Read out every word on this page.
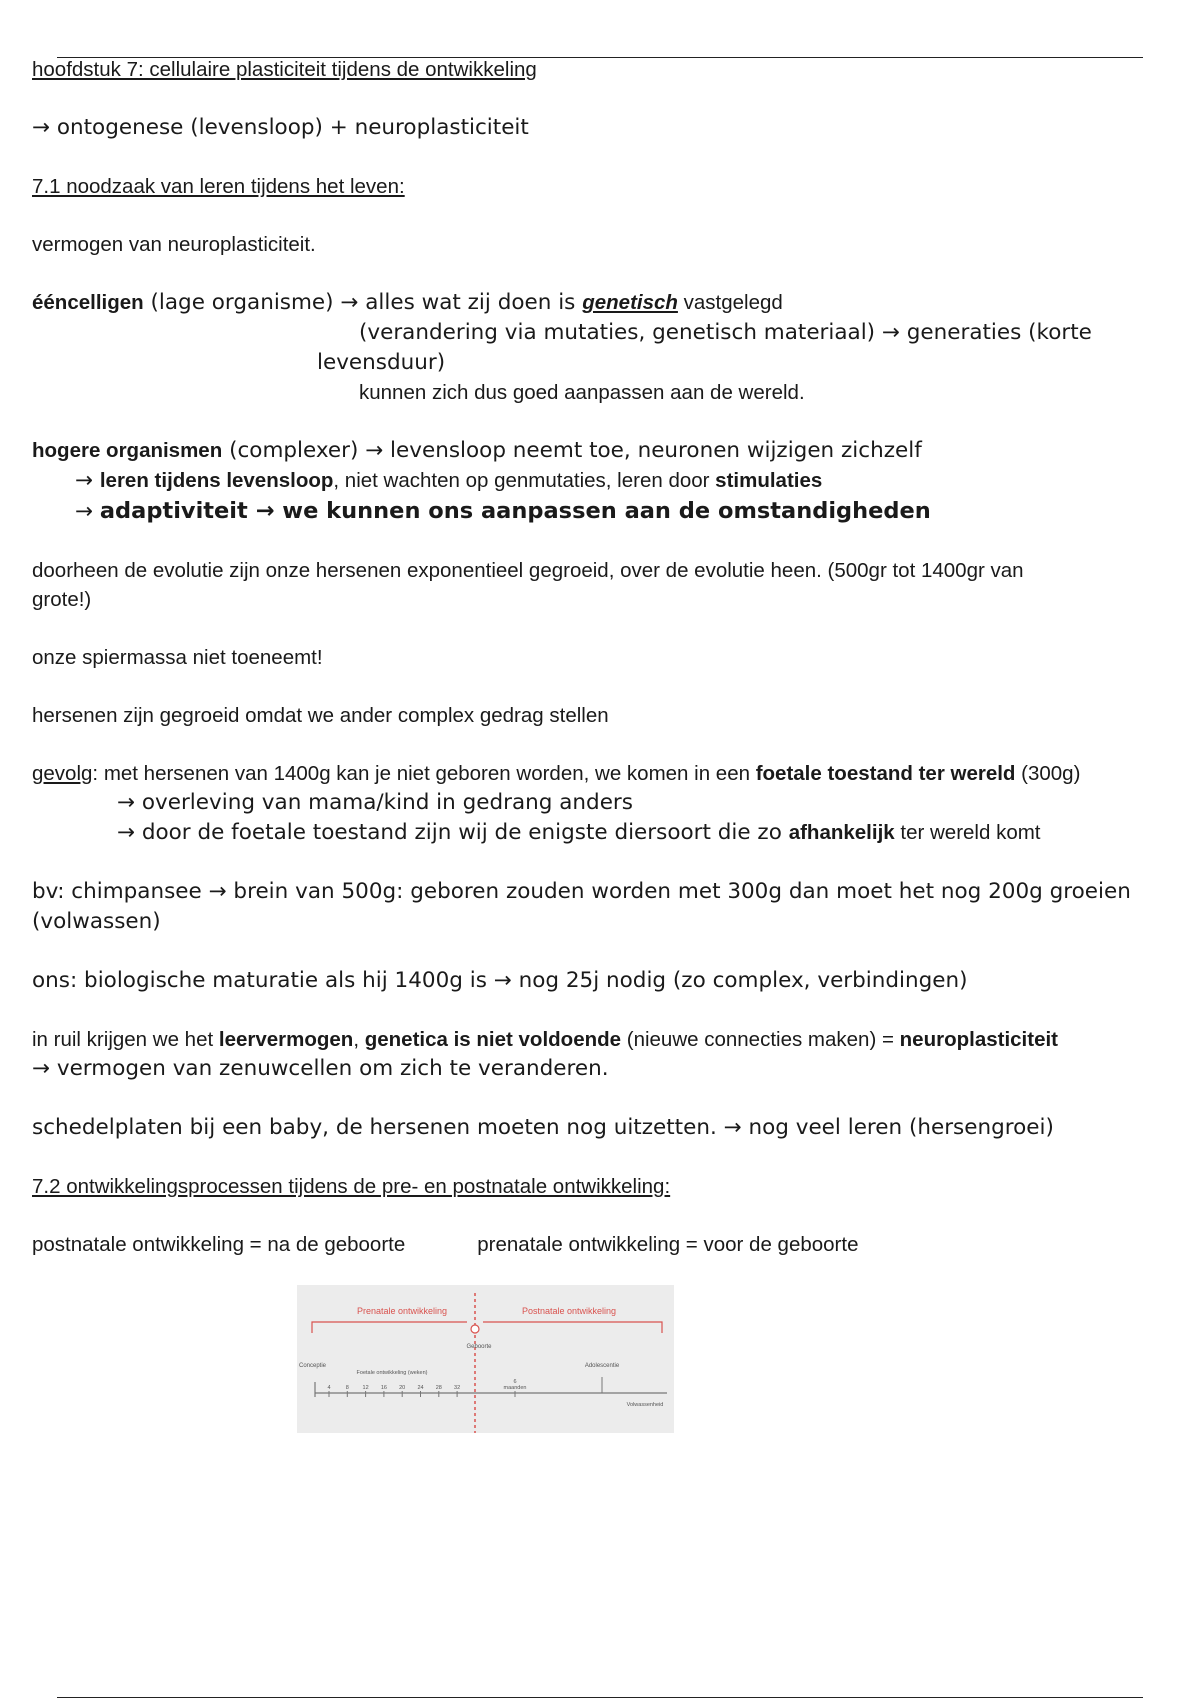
hoofdstuk 7: cellulaire plasticiteit tijdens de ontwikkeling

→ ontogenese (levensloop) + neuroplasticiteit

7.1 noodzaak van leren tijdens het leven:

vermogen van neuroplasticiteit.

ééncelligen (lage organisme) → alles wat zij doen is genetisch vastgelegd

(verandering via mutaties, genetisch materiaal) → generaties (korte

levensduur)

kunnen zich dus goed aanpassen aan de wereld.

hogere organismen (complexer) → levensloop neemt toe, neuronen wijzigen zichzelf

→ leren tijdens levensloop, niet wachten op genmutaties, leren door stimulaties

→ adaptiviteit → we kunnen ons aanpassen aan de omstandigheden

doorheen de evolutie zijn onze hersenen exponentieel gegroeid, over de evolutie heen. (500gr tot 1400gr van

grote!)

onze spiermassa niet toeneemt!

hersenen zijn gegroeid omdat we ander complex gedrag stellen

gevolg: met hersenen van 1400g kan je niet geboren worden, we komen in een foetale toestand ter wereld (300g)

→ overleving van mama/kind in gedrang anders

→ door de foetale toestand zijn wij de enigste diersoort die zo afhankelijk ter wereld komt

bv: chimpansee → brein van 500g: geboren zouden worden met 300g dan moet het nog 200g groeien

(volwassen)

ons: biologische maturatie als hij 1400g is → nog 25j nodig (zo complex, verbindingen)

in ruil krijgen we het leervermogen, genetica is niet voldoende (nieuwe connecties maken) = neuroplasticiteit

→ vermogen van zenuwcellen om zich te veranderen.

schedelplaten bij een baby, de hersenen moeten nog uitzetten. → nog veel leren (hersengroei)

7.2 ontwikkelingsprocessen tijdens de pre- en postnatale ontwikkeling:

postnatale ontwikkeling = na de geboorte	prenatale ontwikkeling = voor de geboorte

Prenatale ontwikkeling	Postnatale ontwikkeling
Geboorte
Conceptie
Foetale ontwikkeling (weken)
4	8 12 16 20 24 28 32
6
maanden
Adolescentie
Volwassenheid
